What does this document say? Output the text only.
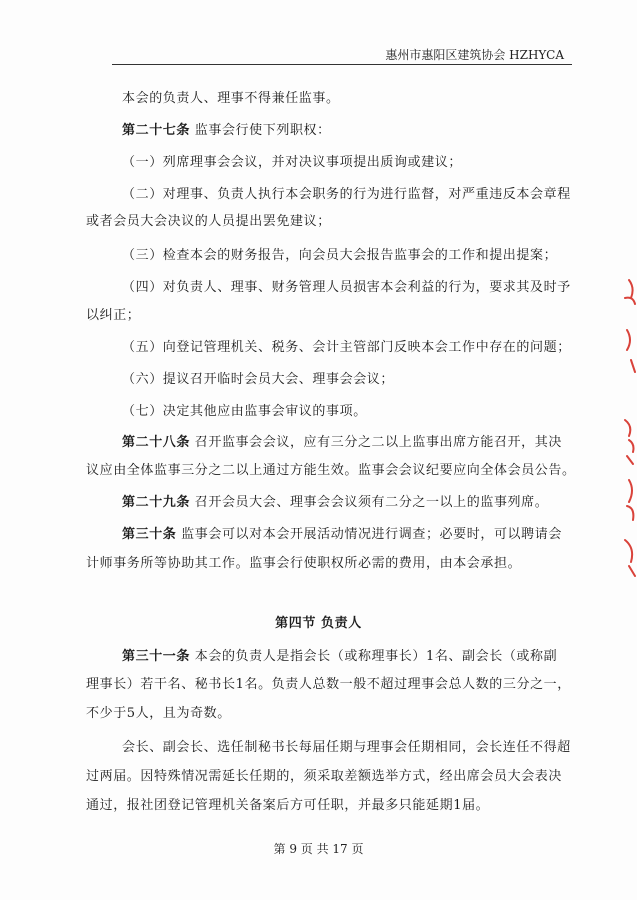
惠州市惠阳区建筑协会 HZHYCA
本会的负责人、理事不得兼任监事。
第二十七条 监事会行使下列职权：
（一）列席理事会会议，并对决议事项提出质询或建议；
（二）对理事、负责人执行本会职务的行为进行监督，对严重违反本会章程
或者会员大会决议的人员提出罢免建议；
（三）检查本会的财务报告，向会员大会报告监事会的工作和提出提案；
（四）对负责人、理事、财务管理人员损害本会利益的行为，要求其及时予
以纠正；
（五）向登记管理机关、税务、会计主管部门反映本会工作中存在的问题；
（六）提议召开临时会员大会、理事会会议；
（七）决定其他应由监事会审议的事项。
第二十八条 召开监事会会议，应有三分之二以上监事出席方能召开，其决
议应由全体监事三分之二以上通过方能生效。监事会会议纪要应向全体会员公告。
第二十九条 召开会员大会、理事会会议须有二分之一以上的监事列席。
第三十条 监事会可以对本会开展活动情况进行调查；必要时，可以聘请会
计师事务所等协助其工作。监事会行使职权所必需的费用，由本会承担。
第四节 负责人
第三十一条 本会的负责人是指会长（或称理事长）1名、副会长（或称副
理事长）若干名、秘书长1名。负责人总数一般不超过理事会总人数的三分之一，
不少于5人，且为奇数。
会长、副会长、选任制秘书长每届任期与理事会任期相同，会长连任不得超
过两届。因特殊情况需延长任期的，须采取差额选举方式，经出席会员大会表决
通过，报社团登记管理机关备案后方可任职，并最多只能延期1届。
第 9 页 共 17 页
